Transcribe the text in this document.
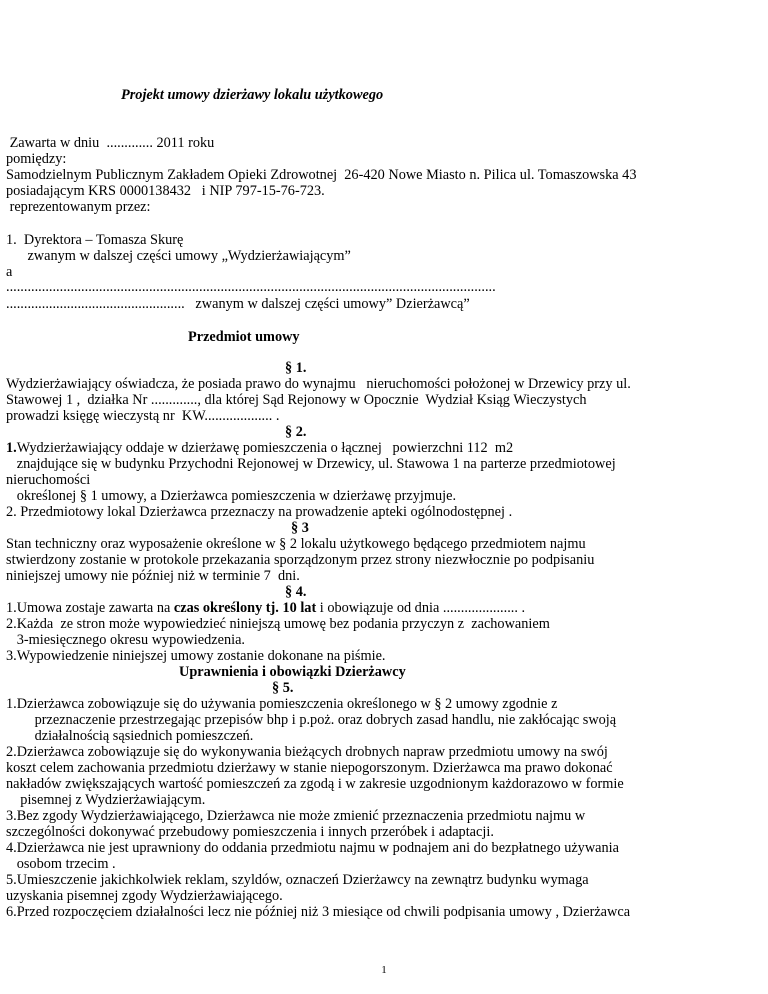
Projekt umowy dzierżawy lokalu użytkowego
Zawarta w dniu  ............. 2011 roku
pomiędzy:
Samodzielnym Publicznym Zakładem Opieki Zdrowotnej  26-420 Nowe Miasto n. Pilica ul. Tomaszowska 43
posiadającym KRS 0000138432   i NIP 797-15-76-723.
reprezentowanym przez:
1.  Dyrektora – Tomasza Skurę
zwanym w dalszej części umowy „Wydzierżawiającym”
a
.........................................................................................................................................
..................................................   zwanym w dalszej części umowy” Dzierżawcą”
Przedmiot umowy
§ 1.
Wydzierżawiający oświadcza, że posiada prawo do wynajmu   nieruchomości położonej w Drzewicy przy ul.
Stawowej 1 ,  działka Nr ............., dla której Sąd Rejonowy w Opocznie  Wydział Ksiąg Wieczystych
prowadzi księgę wieczystą nr  KW................... .
§ 2.
1.Wydzierżawiający oddaje w dzierżawę pomieszczenia o łącznej   powierzchni 112  m2
znajdujące się w budynku Przychodni Rejonowej w Drzewicy, ul. Stawowa 1 na parterze przedmiotowej
nieruchomości
określonej § 1 umowy, a Dzierżawca pomieszczenia w dzierżawę przyjmuje.
2. Przedmiotowy lokal Dzierżawca przeznaczy na prowadzenie apteki ogólnodostępnej .
§ 3
Stan techniczny oraz wyposażenie określone w § 2 lokalu użytkowego będącego przedmiotem najmu
stwierdzony zostanie w protokole przekazania sporządzonym przez strony niezwłocznie po podpisaniu
niniejszej umowy nie później niż w terminie 7  dni.
§ 4.
1.Umowa zostaje zawarta na czas określony tj. 10 lat i obowiązuje od dnia ..................... .
2.Każda  ze stron może wypowiedzieć niniejszą umowę bez podania przyczyn z  zachowaniem
3-miesięcznego okresu wypowiedzenia.
3.Wypowiedzenie niniejszej umowy zostanie dokonane na piśmie.
Uprawnienia i obowiązki Dzierżawcy
§ 5.
1.Dzierżawca zobowiązuje się do używania pomieszczenia określonego w § 2 umowy zgodnie z
przeznaczenie przestrzegając przepisów bhp i p.poż. oraz dobrych zasad handlu, nie zakłócając swoją
działalnością sąsiednich pomieszczeń.
2.Dzierżawca zobowiązuje się do wykonywania bieżących drobnych napraw przedmiotu umowy na swój
koszt celem zachowania przedmiotu dzierżawy w stanie niepogorszonym. Dzierżawca ma prawo dokonać
nakładów zwiększających wartość pomieszczeń za zgodą i w zakresie uzgodnionym każdorazowo w formie
pisemnej z Wydzierżawiającym.
3.Bez zgody Wydzierżawiającego, Dzierżawca nie może zmienić przeznaczenia przedmiotu najmu w
szczególności dokonywać przebudowy pomieszczenia i innych przeróbek i adaptacji.
4.Dzierżawca nie jest uprawniony do oddania przedmiotu najmu w podnajem ani do bezpłatnego używania
osobom trzecim .
5.Umieszczenie jakichkolwiek reklam, szyldów, oznaczeń Dzierżawcy na zewnątrz budynku wymaga
uzyskania pisemnej zgody Wydzierżawiającego.
6.Przed rozpoczęciem działalności lecz nie później niż 3 miesiące od chwili podpisania umowy , Dzierżawca
1
